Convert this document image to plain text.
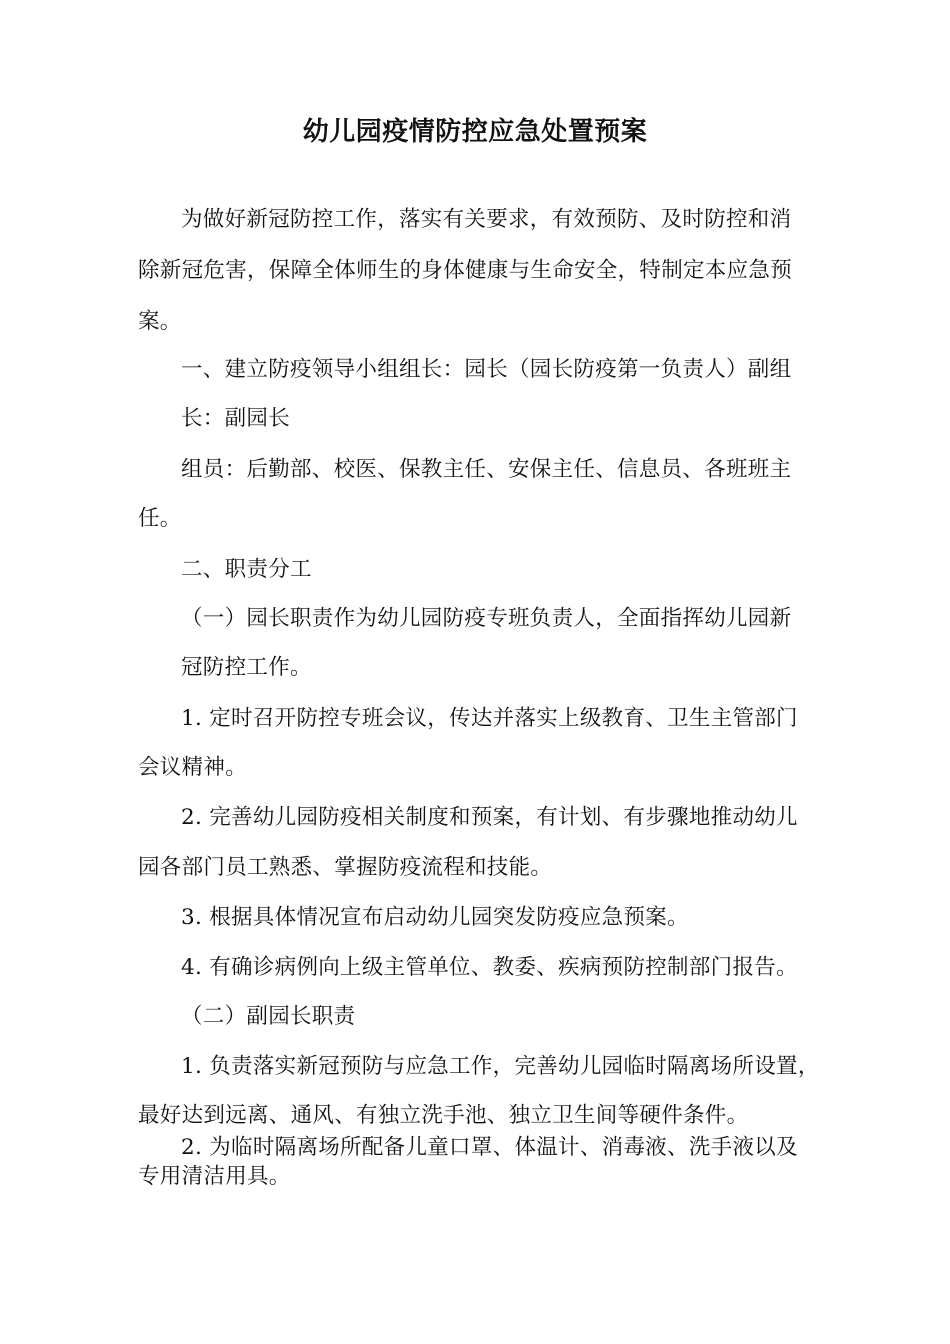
幼儿园疫情防控应急处置预案
为做好新冠防控工作，落实有关要求，有效预防、及时防控和消
除新冠危害，保障全体师生的身体健康与生命安全，特制定本应急预
案。
一、建立防疫领导小组组长：园长（园长防疫第一负责人）副组
长：副园长
组员：后勤部、校医、保教主任、安保主任、信息员、各班班主
任。
二、职责分工
（一）园长职责作为幼儿园防疫专班负责人，全面指挥幼儿园新
冠防控工作。
1. 定时召开防控专班会议，传达并落实上级教育、卫生主管部门
会议精神。
2. 完善幼儿园防疫相关制度和预案，有计划、有步骤地推动幼儿
园各部门员工熟悉、掌握防疫流程和技能。
3. 根据具体情况宣布启动幼儿园突发防疫应急预案。
4. 有确诊病例向上级主管单位、教委、疾病预防控制部门报告。
（二）副园长职责
1. 负责落实新冠预防与应急工作，完善幼儿园临时隔离场所设置，
最好达到远离、通风、有独立洗手池、独立卫生间等硬件条件。
2. 为临时隔离场所配备儿童口罩、体温计、消毒液、洗手液以及
专用清洁用具。
